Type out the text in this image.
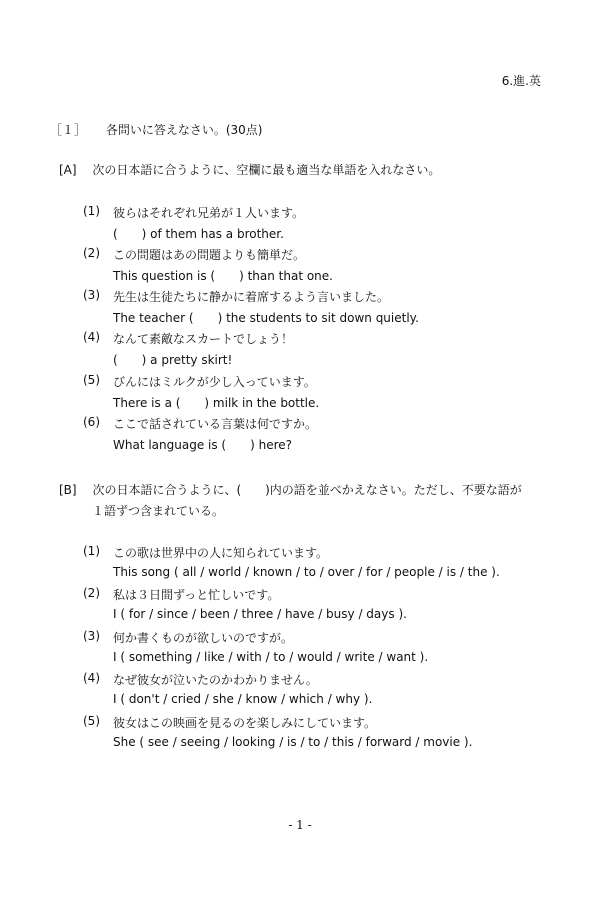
6.進.英
［１］ 各問いに答えなさい。(30点)
[A] 次の日本語に合うように、空欄に最も適当な単語を入れなさい。
(1) 彼らはそれぞれ兄弟が１人います。
(　　) of them has a brother.
(2) この問題はあの問題よりも簡単だ。
This question is (　　) than that one.
(3) 先生は生徒たちに静かに着席するよう言いました。
The teacher (　　) the students to sit down quietly.
(4) なんて素敵なスカートでしょう！
(　　) a pretty skirt!
(5) びんにはミルクが少し入っています。
There is a (　　) milk in the bottle.
(6) ここで話されている言葉は何ですか。
What language is (　　) here?
[B] 次の日本語に合うように、(　　)内の語を並べかえなさい。ただし、不要な語が
１語ずつ含まれている。
(1) この歌は世界中の人に知られています。
This song ( all / world / known / to / over / for / people / is / the ).
(2) 私は３日間ずっと忙しいです。
I ( for / since / been / three / have / busy / days ).
(3) 何か書くものが欲しいのですが。
I ( something / like / with / to / would / write / want ).
(4) なぜ彼女が泣いたのかわかりません。
I ( don't / cried / she / know / which / why ).
(5) 彼女はこの映画を見るのを楽しみにしています。
She ( see / seeing / looking / is / to / this / forward / movie ).
- 1 -
